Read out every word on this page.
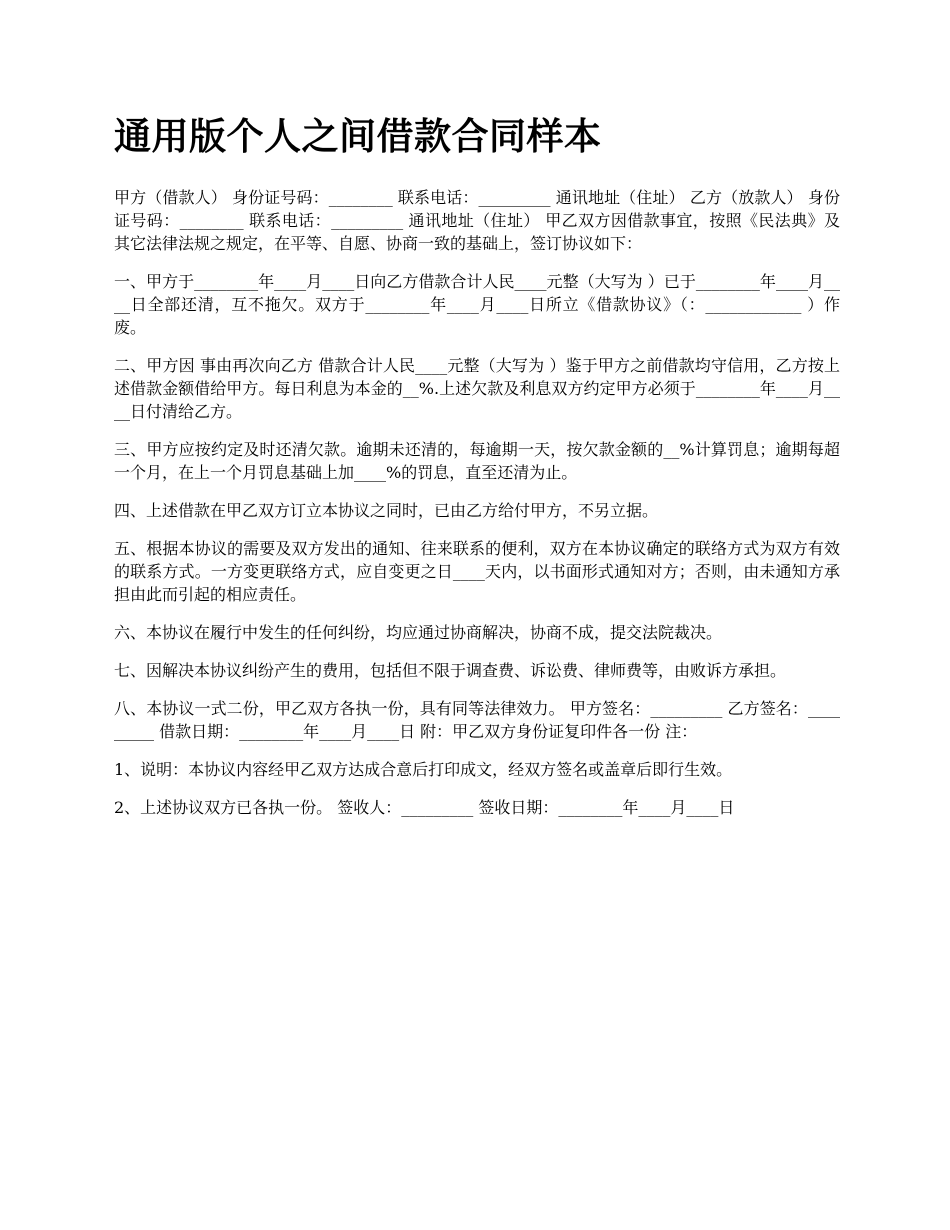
通用版个人之间借款合同样本

甲方（借款人） 身份证号码：________ 联系电话：_________ 通讯地址（住址） 乙方（放款人） 身份证号码：________ 联系电话：_________ 通讯地址（住址） 甲乙双方因借款事宜，按照《民法典》及其它法律法规之规定，在平等、自愿、协商一致的基础上，签订协议如下：

一、甲方于________年____月____日向乙方借款合计人民____元整（大写为 ）已于________年____月____日全部还清，互不拖欠。双方于________年____月____日所立《借款协议》（：____________ ）作废。

二、甲方因 事由再次向乙方 借款合计人民____元整（大写为 ）鉴于甲方之前借款均守信用，乙方按上述借款金额借给甲方。每日利息为本金的__%.上述欠款及利息双方约定甲方必须于________年____月____日付清给乙方。

三、甲方应按约定及时还清欠款。逾期未还清的，每逾期一天，按欠款金额的__%计算罚息；逾期每超一个月，在上一个月罚息基础上加____%的罚息，直至还清为止。

四、上述借款在甲乙双方订立本协议之同时，已由乙方给付甲方，不另立据。

五、根据本协议的需要及双方发出的通知、往来联系的便利，双方在本协议确定的联络方式为双方有效的联系方式。一方变更联络方式，应自变更之日____天内，以书面形式通知对方；否则，由未通知方承担由此而引起的相应责任。

六、本协议在履行中发生的任何纠纷，均应通过协商解决，协商不成，提交法院裁决。

七、因解决本协议纠纷产生的费用，包括但不限于调查费、诉讼费、律师费等，由败诉方承担。

八、本协议一式二份，甲乙双方各执一份，具有同等法律效力。 甲方签名：_________ 乙方签名：_________ 借款日期：________年____月____日 附：甲乙双方身份证复印件各一份 注：

1、说明：本协议内容经甲乙双方达成合意后打印成文，经双方签名或盖章后即行生效。

2、上述协议双方已各执一份。 签收人：_________ 签收日期：________年____月____日
